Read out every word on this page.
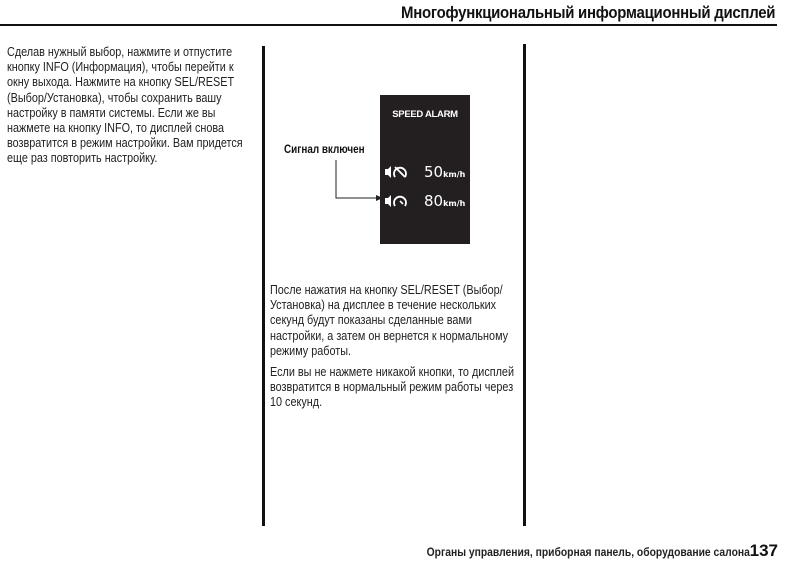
Многофункциональный информационный дисплей
Сделав нужный выбор, нажмите и отпустите кнопку INFO (Информация), чтобы перейти к окну выхода. Нажмите на кнопку SEL/RESET (Выбор/Установка), чтобы сохранить вашу настройку в памяти системы. Если же вы нажмете на кнопку INFO, то дисплей снова возвратится в режим настройки. Вам придется еще раз повторить настройку.
Сигнал включен
SPEED ALARM
50km/h
80km/h
После нажатия на кнопку SEL/RESET (Выбор/ Установка) на дисплее в течение нескольких секунд будут показаны сделанные вами настройки, а затем он вернется к нормальному режиму работы.
Если вы не нажмете никакой кнопки, то дисплей возвратится в нормальный режим работы через 10 секунд.
Органы управления, приборная панель, оборудование салона 137
